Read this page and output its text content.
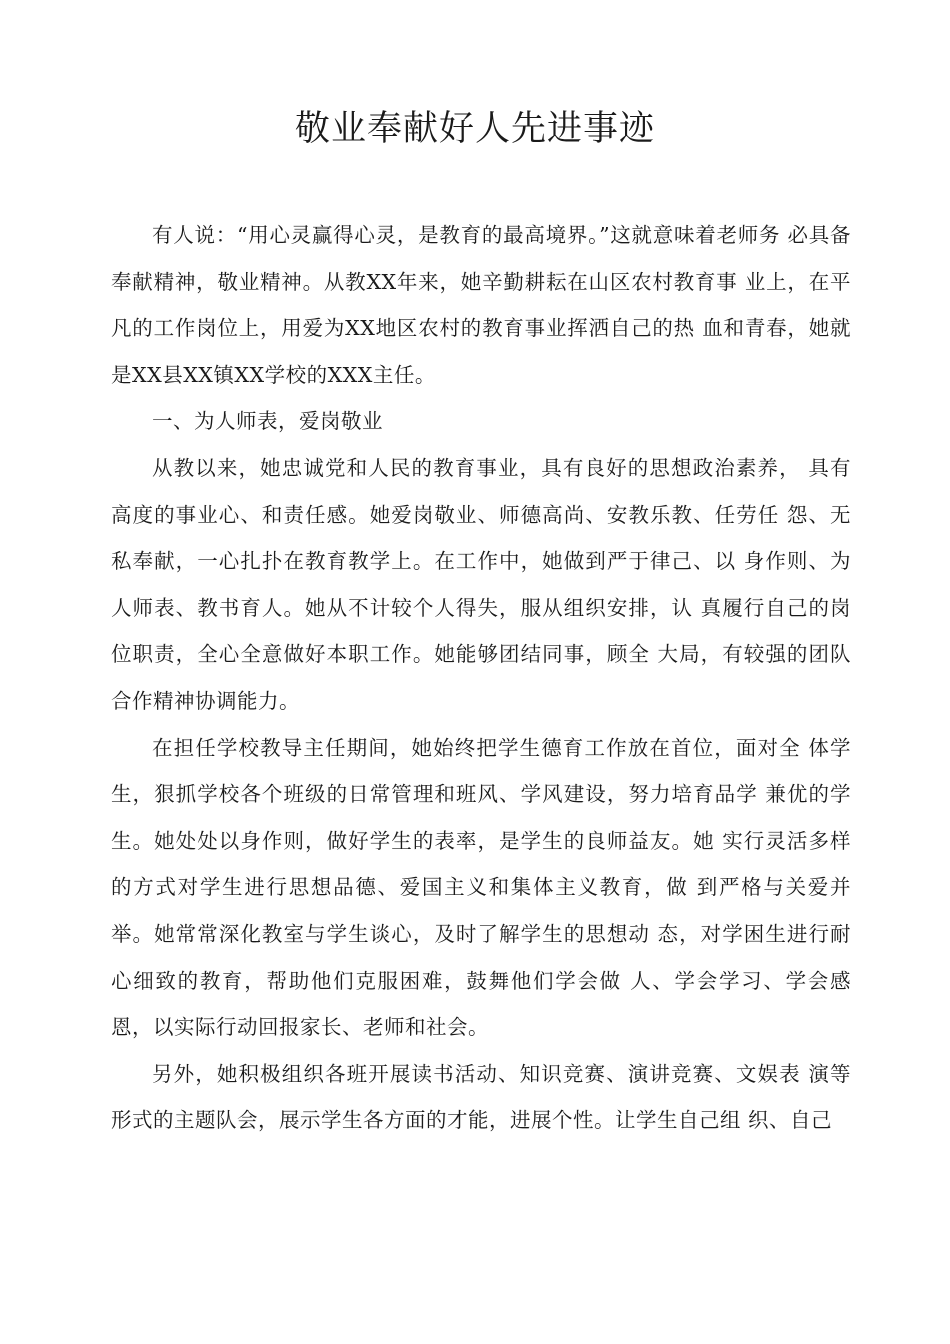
敬业奉献好人先进事迹

有人说：“用心灵赢得心灵，是教育的最高境界。”这就意味着老师务 必具备奉献精神，敬业精神。从教XX年来，她辛勤耕耘在山区农村教育事 业上，在平凡的工作岗位上，用爱为XX地区农村的教育事业挥洒自己的热 血和青春，她就是XX县XX镇XX学校的XXX主任。

一、为人师表，爱岗敬业

从教以来，她忠诚党和人民的教育事业，具有良好的思想政治素养， 具有高度的事业心、和责任感。她爱岗敬业、师德高尚、安教乐教、任劳任 怨、无私奉献，一心扎扑在教育教学上。在工作中，她做到严于律己、以 身作则、为人师表、教书育人。她从不计较个人得失，服从组织安排，认 真履行自己的岗位职责，全心全意做好本职工作。她能够团结同事，顾全 大局，有较强的团队合作精神协调能力。

在担任学校教导主任期间，她始终把学生德育工作放在首位，面对全 体学生，狠抓学校各个班级的日常管理和班风、学风建设，努力培育品学 兼优的学生。她处处以身作则，做好学生的表率，是学生的良师益友。她 实行灵活多样的方式对学生进行思想品德、爱国主义和集体主义教育，做 到严格与关爱并举。她常常深化教室与学生谈心，及时了解学生的思想动 态，对学困生进行耐心细致的教育，帮助他们克服困难，鼓舞他们学会做 人、学会学习、学会感恩，以实际行动回报家长、老师和社会。

另外，她积极组织各班开展读书活动、知识竞赛、演讲竞赛、文娱表 演等形式的主题队会，展示学生各方面的才能，进展个性。让学生自己组 织、自己
